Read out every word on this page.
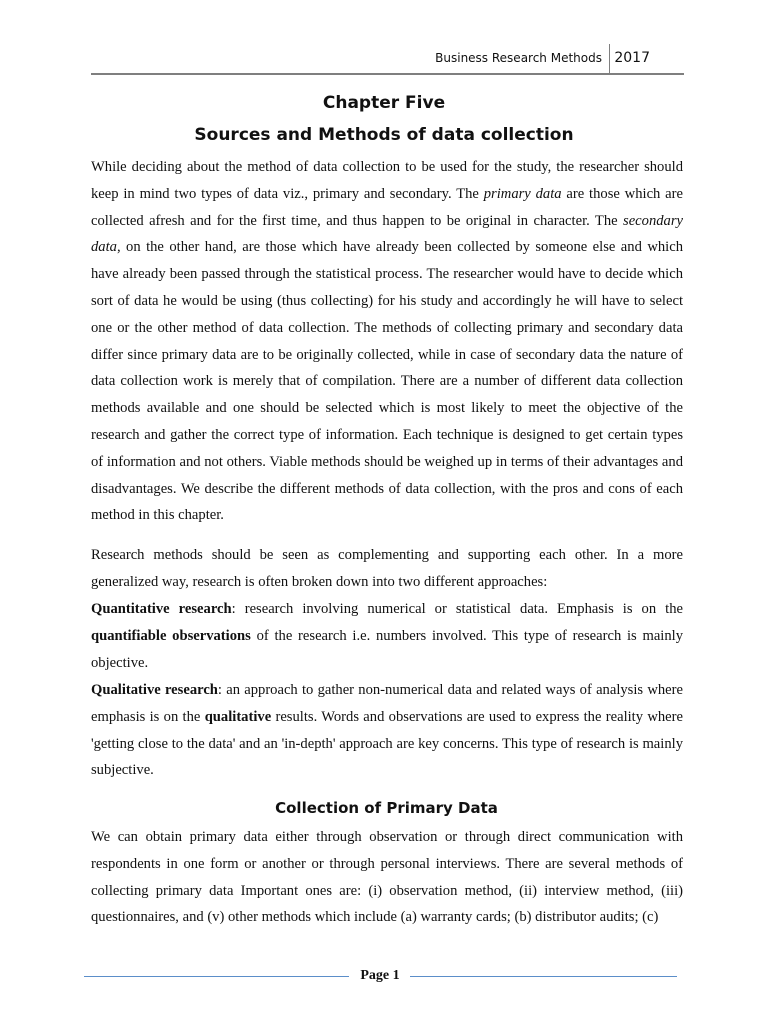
Business Research Methods 2017
Chapter Five
Sources and Methods of data collection

While deciding about the method of data collection to be used for the study, the researcher should keep in mind two types of data viz., primary and secondary. The primary data are those which are collected afresh and for the first time, and thus happen to be original in character. The secondary data, on the other hand, are those which have already been collected by someone else and which have already been passed through the statistical process. The researcher would have to decide which sort of data he would be using (thus collecting) for his study and accordingly he will have to select one or the other method of data collection. The methods of collecting primary and secondary data differ since primary data are to be originally collected, while in case of secondary data the nature of data collection work is merely that of compilation. There are a number of different data collection methods available and one should be selected which is most likely to meet the objective of the research and gather the correct type of information. Each technique is designed to get certain types of information and not others. Viable methods should be weighed up in terms of their advantages and disadvantages. We describe the different methods of data collection, with the pros and cons of each method in this chapter.

Research methods should be seen as complementing and supporting each other. In a more generalized way, research is often broken down into two different approaches:

Quantitative research: research involving numerical or statistical data. Emphasis is on the quantifiable observations of the research i.e. numbers involved. This type of research is mainly objective.

Qualitative research: an approach to gather non-numerical data and related ways of analysis where emphasis is on the qualitative results. Words and observations are used to express the reality where 'getting close to the data' and an 'in-depth' approach are key concerns. This type of research is mainly subjective.

Collection of Primary Data

We can obtain primary data either through observation or through direct communication with respondents in one form or another or through personal interviews. There are several methods of collecting primary data Important ones are: (i) observation method, (ii) interview method, (iii) questionnaires, and (v) other methods which include (a) warranty cards; (b) distributor audits; (c)

Page 1
